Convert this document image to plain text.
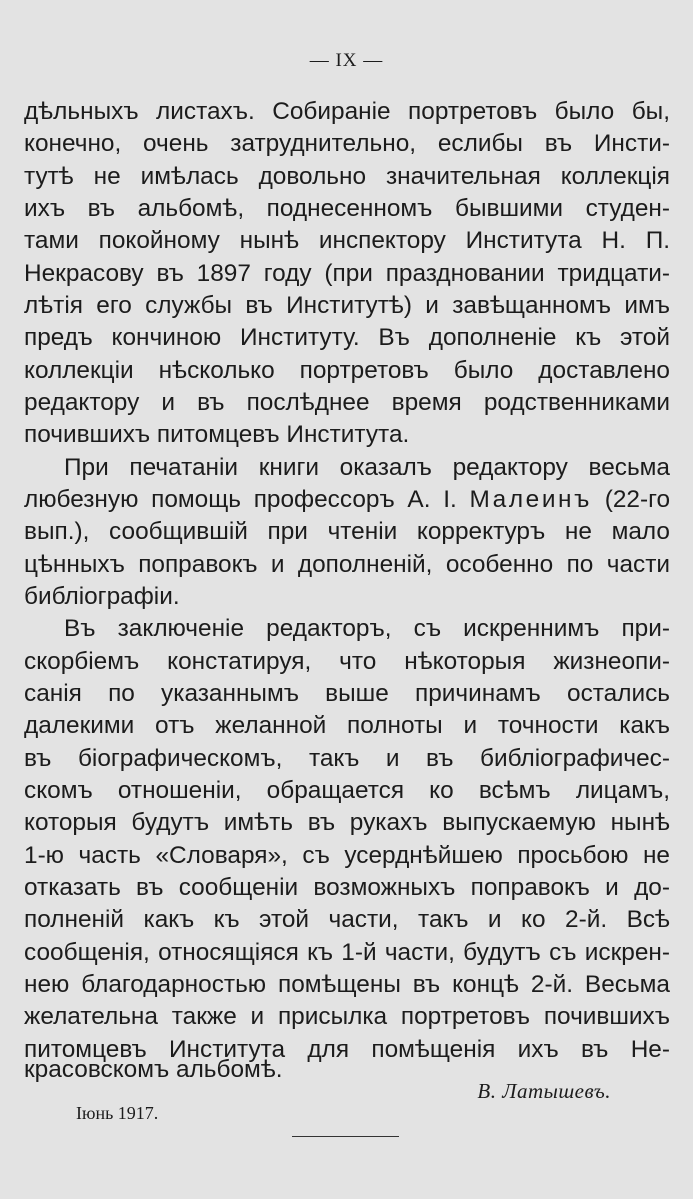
— IX —

дѣльныхъ листахъ. Собираніе портретовъ было бы,

конечно, очень затруднительно, еслибы въ Инсти-

тутѣ не имѣлась довольно значительная коллекція

ихъ въ альбомѣ, поднесенномъ бывшими студен-

тами покойному нынѣ инспектору Института Н. П.

Некрасову въ 1897 году (при праздновании тридцати-

лѣтія его службы въ Институтѣ) и завѣщанномъ имъ

предъ кончиною Институту. Въ дополненіе къ этой

коллекціи нѣсколько портретовъ было доставлено

редактору и въ послѣднее время родственниками

почившихъ питомцевъ Института.

При печатаніи книги оказалъ редактору весьма

любезную помощь профессоръ А. І. Малеинъ (22-го

вып.), сообщившій при чтеніи корректуръ не мало

цѣнныхъ поправокъ и дополненій, особенно по части

библіографіи.

Въ заключеніе редакторъ, съ искреннимъ при-

скорбіемъ констатируя, что нѣкоторыя жизнеопи-

санія по указаннымъ выше причинамъ остались

далекими отъ желанной полноты и точности какъ

въ біографическомъ, такъ и въ библіографичес-

скомъ отношеніи, обращается ко всѣмъ лицамъ,

которыя будутъ имѣть въ рукахъ выпускаемую нынѣ

1-ю часть «Словаря», съ усерднѣйшею просьбою не

отказать въ сообщеніи возможныхъ поправокъ и до-

полненій какъ къ этой части, такъ и ко 2-й. Всѣ

сообщенія, относящіяся къ 1-й части, будутъ съ искрен-

нею благодарностью помѣщены въ концѣ 2-й. Весьма

желательна также и присылка портретовъ почившихъ

питомцевъ Института для помѣщенія ихъ въ Не-

красовскомъ альбомѣ.

В. Латышевъ.
Іюнь 1917.
